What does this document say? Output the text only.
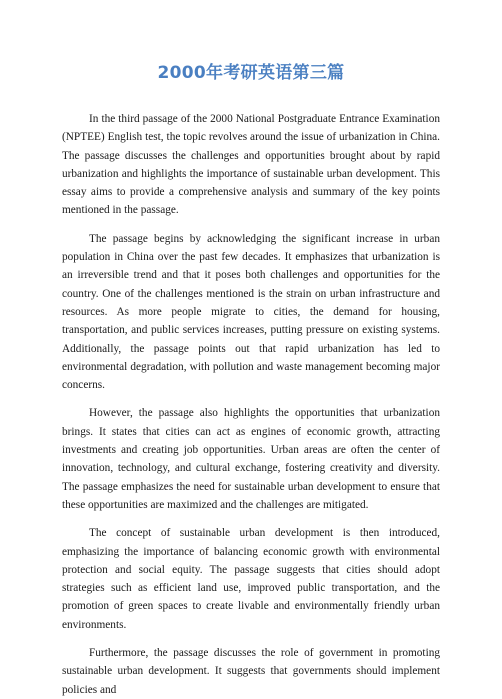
2000年考研英语第三篇

In the third passage of the 2000 National Postgraduate Entrance Examination (NPTEE) English test, the topic revolves around the issue of urbanization in China. The passage discusses the challenges and opportunities brought about by rapid urbanization and highlights the importance of sustainable urban development. This essay aims to provide a comprehensive analysis and summary of the key points mentioned in the passage.

The passage begins by acknowledging the significant increase in urban population in China over the past few decades. It emphasizes that urbanization is an irreversible trend and that it poses both challenges and opportunities for the country. One of the challenges mentioned is the strain on urban infrastructure and resources. As more people migrate to cities, the demand for housing, transportation, and public services increases, putting pressure on existing systems. Additionally, the passage points out that rapid urbanization has led to environmental degradation, with pollution and waste management becoming major concerns.

However, the passage also highlights the opportunities that urbanization brings. It states that cities can act as engines of economic growth, attracting investments and creating job opportunities. Urban areas are often the center of innovation, technology, and cultural exchange, fostering creativity and diversity. The passage emphasizes the need for sustainable urban development to ensure that these opportunities are maximized and the challenges are mitigated.

The concept of sustainable urban development is then introduced, emphasizing the importance of balancing economic growth with environmental protection and social equity. The passage suggests that cities should adopt strategies such as efficient land use, improved public transportation, and the promotion of green spaces to create livable and environmentally friendly urban environments.

Furthermore, the passage discusses the role of government in promoting sustainable urban development. It suggests that governments should implement policies and
